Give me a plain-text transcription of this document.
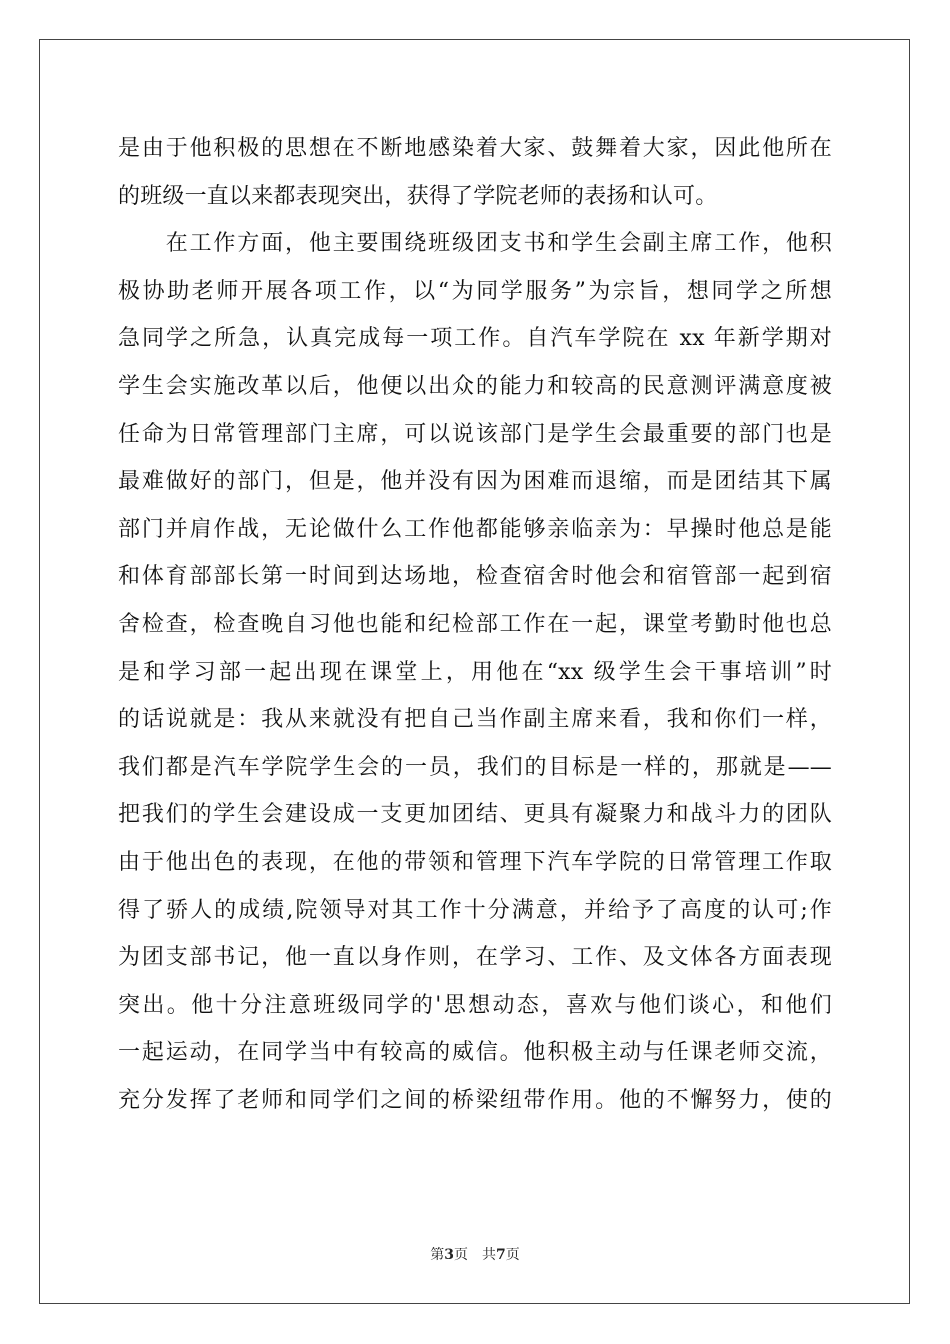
是由于他积极的思想在不断地感染着大家、鼓舞着大家，因此他所在
的班级一直以来都表现突出，获得了学院老师的表扬和认可。
　　在工作方面，他主要围绕班级团支书和学生会副主席工作，他积
极协助老师开展各项工作，以“为同学服务”为宗旨，想同学之所想
急同学之所急，认真完成每一项工作。自汽车学院在 xx 年新学期对
学生会实施改革以后，他便以出众的能力和较高的民意测评满意度被
任命为日常管理部门主席，可以说该部门是学生会最重要的部门也是
最难做好的部门，但是，他并没有因为困难而退缩，而是团结其下属
部门并肩作战，无论做什么工作他都能够亲临亲为：早操时他总是能
和体育部部长第一时间到达场地，检查宿舍时他会和宿管部一起到宿
舍检查，检查晚自习他也能和纪检部工作在一起，课堂考勤时他也总
是和学习部一起出现在课堂上，用他在“xx 级学生会干事培训”时
的话说就是：我从来就没有把自己当作副主席来看，我和你们一样，
我们都是汽车学院学生会的一员，我们的目标是一样的，那就是——
把我们的学生会建设成一支更加团结、更具有凝聚力和战斗力的团队
由于他出色的表现，在他的带领和管理下汽车学院的日常管理工作取
得了骄人的成绩,院领导对其工作十分满意，并给予了高度的认可;作
为团支部书记，他一直以身作则，在学习、工作、及文体各方面表现
突出。他十分注意班级同学的'思想动态，喜欢与他们谈心，和他们
一起运动，在同学当中有较高的威信。他积极主动与任课老师交流，
充分发挥了老师和同学们之间的桥梁纽带作用。他的不懈努力，使的
第3页 共7页
